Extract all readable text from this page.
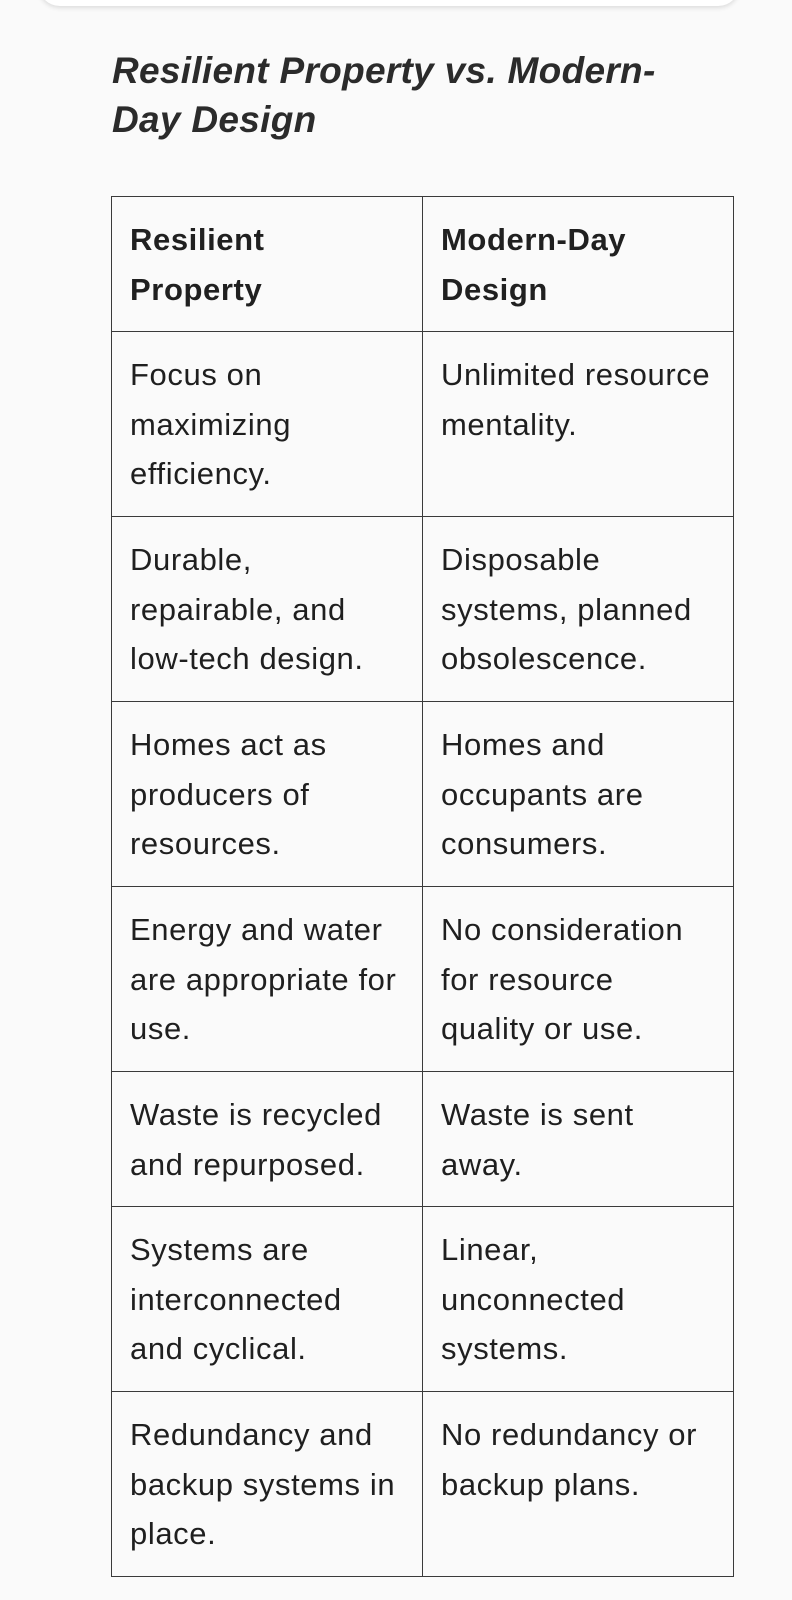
Resilient Property vs. Modern-Day Design
Resilient Property	Modern-Day Design
Focus on maximizing efficiency.	Unlimited resource mentality.
Durable, repairable, and low-tech design.	Disposable systems, planned obsolescence.
Homes act as producers of resources.	Homes and occupants are consumers.
Energy and water are appropriate for use.	No consideration for resource quality or use.
Waste is recycled and repurposed.	Waste is sent away.
Systems are interconnected and cyclical.	Linear, unconnected systems.
Redundancy and backup systems in place.	No redundancy or backup plans.
